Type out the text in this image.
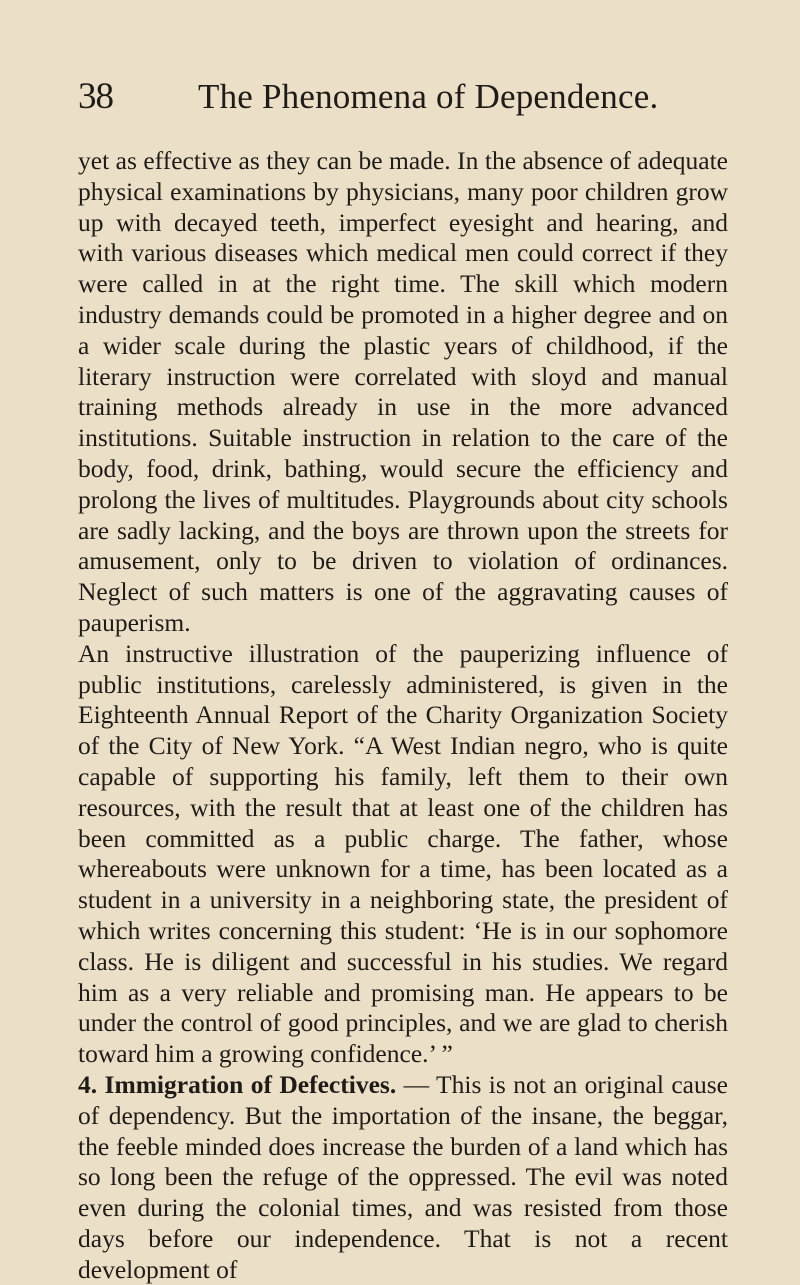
38	The Phenomena of Dependence.

yet as effective as they can be made. In the absence of adequate physical examinations by physicians, many poor children grow up with decayed teeth, imperfect eyesight and hearing, and with various diseases which medical men could correct if they were called in at the right time. The skill which modern industry demands could be promoted in a higher degree and on a wider scale during the plastic years of childhood, if the literary instruction were correlated with sloyd and manual training methods already in use in the more advanced institutions. Suitable instruction in relation to the care of the body, food, drink, bathing, would secure the efficiency and prolong the lives of multitudes. Playgrounds about city schools are sadly lacking, and the boys are thrown upon the streets for amusement, only to be driven to violation of ordinances. Neglect of such matters is one of the aggravating causes of pauperism.

An instructive illustration of the pauperizing influence of public institutions, carelessly administered, is given in the Eighteenth Annual Report of the Charity Organization Society of the City of New York. “A West Indian negro, who is quite capable of supporting his family, left them to their own resources, with the result that at least one of the children has been committed as a public charge. The father, whose whereabouts were unknown for a time, has been located as a student in a university in a neighboring state, the president of which writes concerning this student: ‘He is in our sophomore class. He is diligent and successful in his studies. We regard him as a very reliable and promising man. He appears to be under the control of good principles, and we are glad to cherish toward him a growing confidence.’ ”

4. Immigration of Defectives. — This is not an original cause of dependency. But the importation of the insane, the beggar, the feeble minded does increase the burden of a land which has so long been the refuge of the oppressed. The evil was noted even during the colonial times, and was resisted from those days before our independence. That is not a recent development of
